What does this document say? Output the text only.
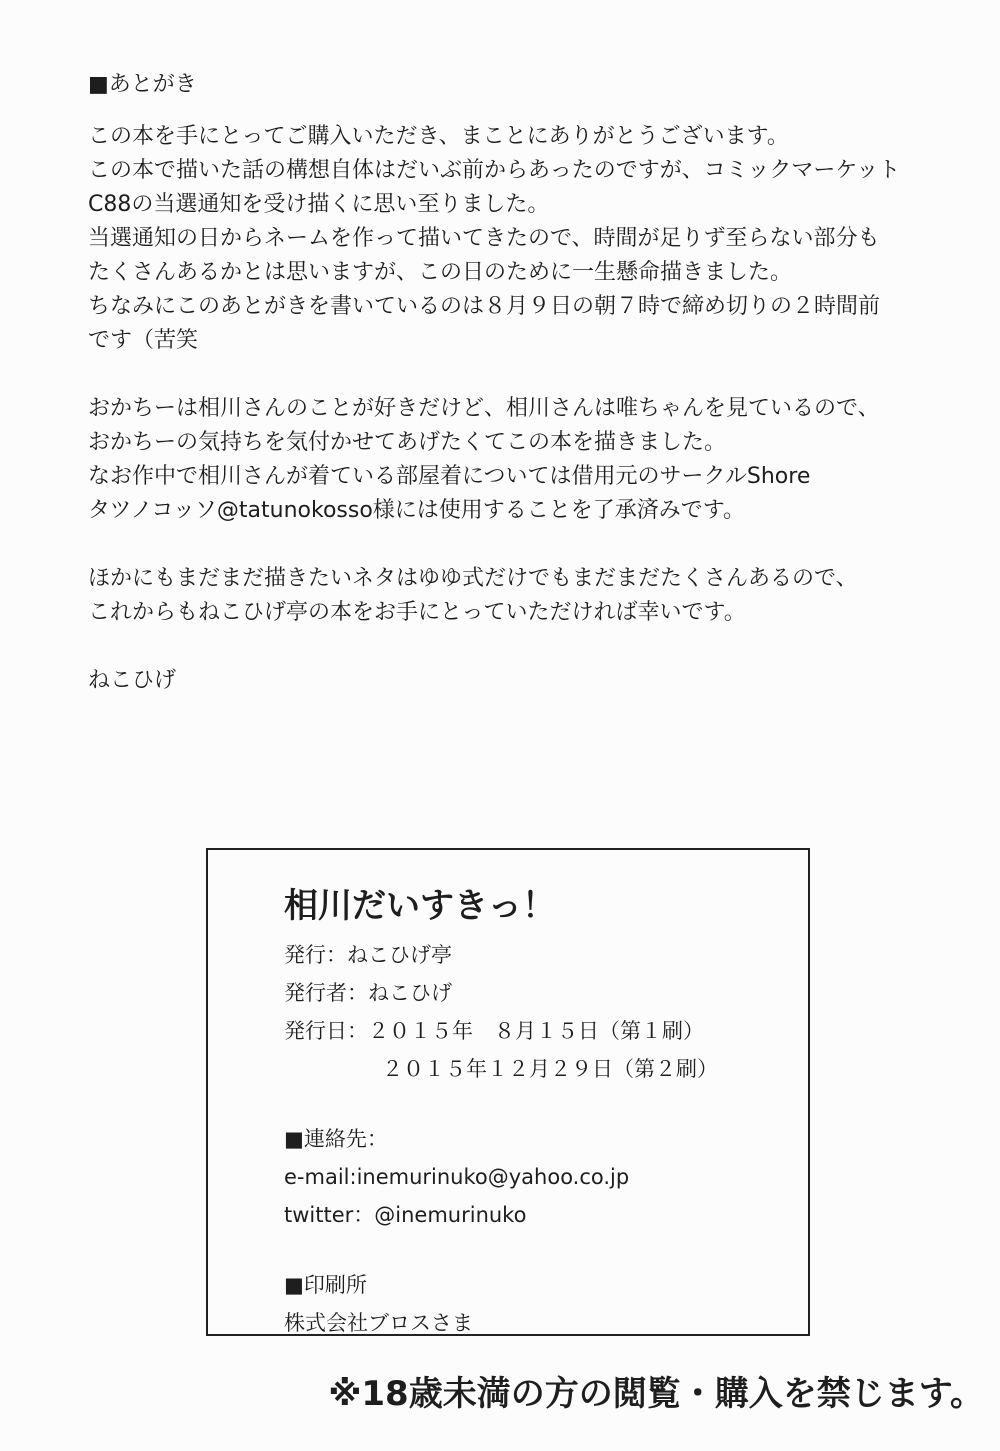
■あとがき
この本を手にとってご購入いただき、まことにありがとうございます。
この本で描いた話の構想自体はだいぶ前からあったのですが、コミックマーケット
C88の当選通知を受け描くに思い至りました。
当選通知の日からネームを作って描いてきたので、時間が足りず至らない部分も
たくさんあるかとは思いますが、この日のために一生懸命描きました。
ちなみにこのあとがきを書いているのは８月９日の朝７時で締め切りの２時間前
です（苦笑
おかちーは相川さんのことが好きだけど、相川さんは唯ちゃんを見ているので、
おかちーの気持ちを気付かせてあげたくてこの本を描きました。
なお作中で相川さんが着ている部屋着については借用元のサークルShore
タツノコッソ@tatunokosso様には使用することを了承済みです。
ほかにもまだまだ描きたいネタはゆゆ式だけでもまだまだたくさんあるので、
これからもねこひげ亭の本をお手にとっていただければ幸いです。
ねこひげ
相川だいすきっ！
発行：ねこひげ亭
発行者：ねこひげ
発行日：２０１５年　８月１５日（第１刷）
２０１５年１２月２９日（第２刷）
■連絡先：
e-mail:inemurinuko@yahoo.co.jp
twitter：@inemurinuko
■印刷所
株式会社ブロスさま
※18歳未満の方の閲覧・購入を禁じます。
